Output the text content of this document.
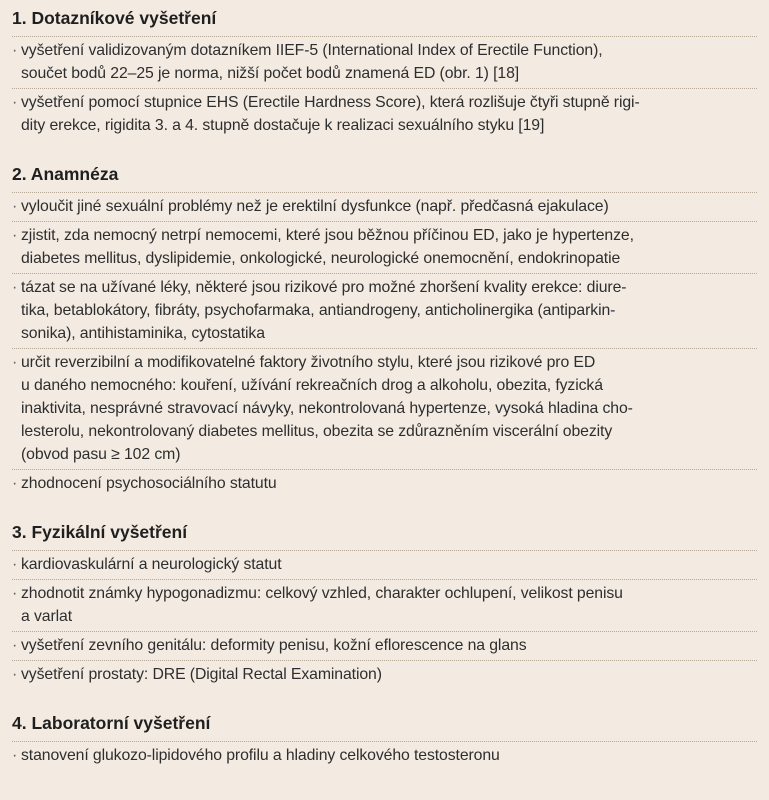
1. Dotazníkové vyšetření
· vyšetření validizovaným dotazníkem IIEF-5 (International Index of Erectile Function),
součet bodů 22–25 je norma, nižší počet bodů znamená ED (obr. 1) [18]
· vyšetření pomocí stupnice EHS (Erectile Hardness Score), která rozlišuje čtyři stupně rigi-
dity erekce, rigidita 3. a 4. stupně dostačuje k realizaci sexuálního styku [19]
2. Anamnéza
· vyloučit jiné sexuální problémy než je erektilní dysfunkce (např. předčasná ejakulace)
· zjistit, zda nemocný netrpí nemocemi, které jsou běžnou příčinou ED, jako je hypertenze,
diabetes mellitus, dyslipidemie, onkologické, neurologické onemocnění, endokrinopatie
· tázat se na užívané léky, některé jsou rizikové pro možné zhoršení kvality erekce: diure-
tika, betablokátory, fibráty, psychofarmaka, antiandrogeny, anticholinergika (antiparkin-
sonika), antihistaminika, cytostatika
· určit reverzibilní a modifikovatelné faktory životního stylu, které jsou rizikové pro ED
u daného nemocného: kouření, užívání rekreačních drog a alkoholu, obezita, fyzická
inaktivita, nesprávné stravovací návyky, nekontrolovaná hypertenze, vysoká hladina cho-
lesterolu, nekontrolovaný diabetes mellitus, obezita se zdůrazněním viscerální obezity
(obvod pasu ≥ 102 cm)
· zhodnocení psychosociálního statutu
3. Fyzikální vyšetření
· kardiovaskulární a neurologický statut
· zhodnotit známky hypogonadizmu: celkový vzhled, charakter ochlupení, velikost penisu
a varlat
· vyšetření zevního genitálu: deformity penisu, kožní eflorescence na glans
· vyšetření prostaty: DRE (Digital Rectal Examination)
4. Laboratorní vyšetření
· stanovení glukozo-lipidového profilu a hladiny celkového testosteronu
